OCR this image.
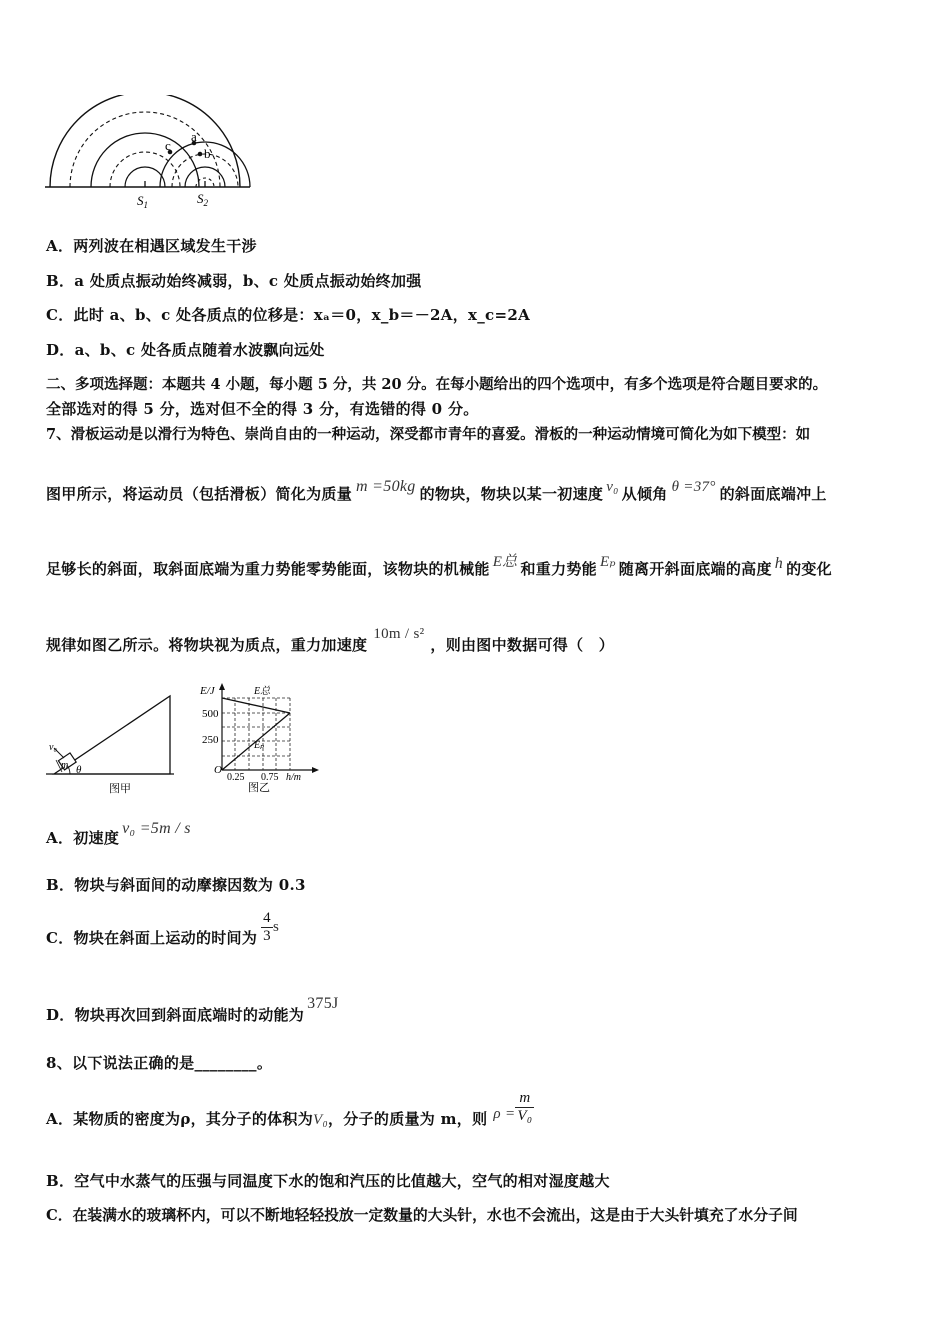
a
b
c
$S_1$	$S_2$
A．两列波在相遇区域发生干涉
B．a 处质点振动始终减弱，b、c 处质点振动始终加强
C．此时 a、b、c 处各质点的位移是：xₐ＝0，x_b＝－2A，x_c=2A
D．a、b、c 处各质点随着水波飘向远处
二、多项选择题：本题共 4 小题，每小题 5 分，共 20 分。在每小题给出的四个选项中，有多个选项是符合题目要求的。
全部选对的得 5 分，选对但不全的得 3 分，有选错的得 0 分。
7、滑板运动是以滑行为特色、崇尚自由的一种运动，深受都市青年的喜爱。滑板的一种运动情境可简化为如下模型：如
图甲所示，将运动员（包括滑板）简化为质量 m =50kg 的物块，物块以某一初速度 v₀ 从倾角 θ =37° 的斜面底端冲上
足够长的斜面，取斜面底端为重力势能零势能面，该物块的机械能 E总 和重力势能 Eₚ 随离开斜面底端的高度 h 的变化
规律如图乙所示。将物块视为质点，重力加速度10m / s²，则由图中数据可得（　）
m
v₀
θ
图甲
E/J
500
250
O
0.25 0.75 h/m
E总
Eₚ
图乙
A．初速度v₀ =5m / s
B．物块与斜面间的动摩擦因数为 0.3
C．物块在斜面上运动的时间为 $\frac{4}{3}$ s
D．物块再次回到斜面底端时的动能为375J
8、以下说法正确的是________。
A．某物质的密度为ρ，其分子的体积为V₀，分子的质量为 m，则 $\rho = \frac{m}{\text{V₀}}$
B．空气中水蒸气的压强与同温度下水的饱和汽压的比值越大，空气的相对湿度越大
C．在装满水的玻璃杯内，可以不断地轻轻投放一定数量的大头针，水也不会流出，这是由于大头针填充了水分子间
